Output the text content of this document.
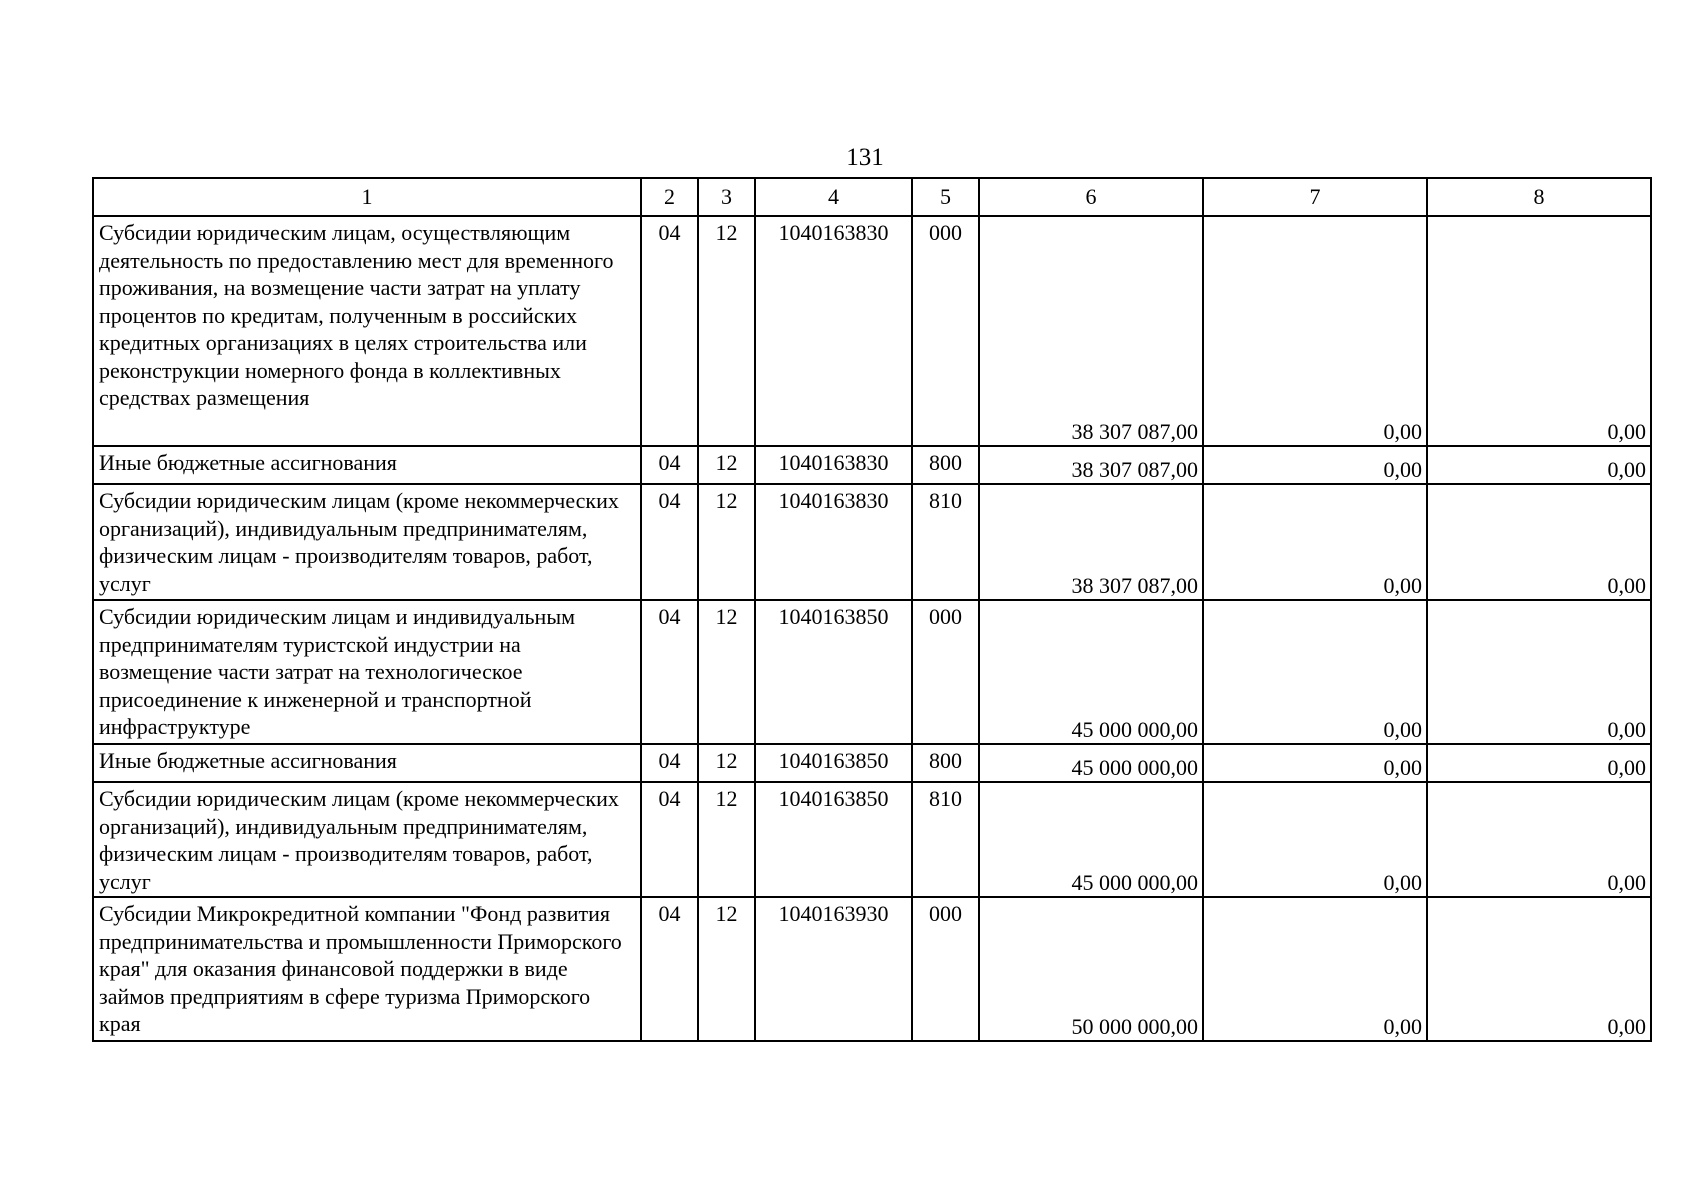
131
1	2	3	4	5	6	7	8
Субсидии юридическим лицам, осуществляющим деятельность по предоставлению мест для временного проживания, на возмещение части затрат на уплату процентов по кредитам, полученным в российских кредитных организациях в целях строительства или реконструкции номерного фонда в коллективных средствах размещения	04	12	1040163830	000	38 307 087,00	0,00	0,00
Иные бюджетные ассигнования	04	12	1040163830	800	38 307 087,00	0,00	0,00
Субсидии юридическим лицам (кроме некоммерческих организаций), индивидуальным предпринимателям, физическим лицам - производителям товаров, работ, услуг	04	12	1040163830	810	38 307 087,00	0,00	0,00
Субсидии юридическим лицам и индивидуальным предпринимателям туристской индустрии на возмещение части затрат на технологическое присоединение к инженерной и транспортной инфраструктуре	04	12	1040163850	000	45 000 000,00	0,00	0,00
Иные бюджетные ассигнования	04	12	1040163850	800	45 000 000,00	0,00	0,00
Субсидии юридическим лицам (кроме некоммерческих организаций), индивидуальным предпринимателям, физическим лицам - производителям товаров, работ, услуг	04	12	1040163850	810	45 000 000,00	0,00	0,00
Субсидии Микрокредитной компании "Фонд развития предпринимательства и промышленности Приморского края" для оказания финансовой поддержки в виде займов предприятиям в сфере туризма Приморского края	04	12	1040163930	000	50 000 000,00	0,00	0,00
